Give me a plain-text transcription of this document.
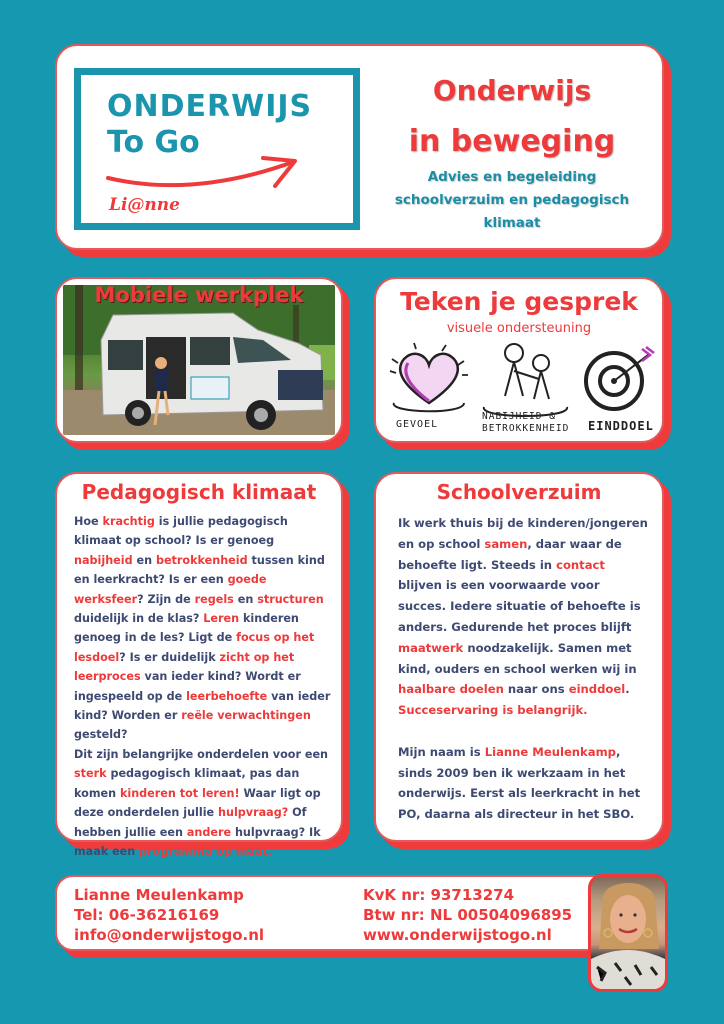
ONDERWIJS
To Go
Li@nne
Onderwijs
in beweging
Advies en begeleiding
schoolverzuim en pedagogisch
klimaat
Mobiele werkplek	Teken je gesprek
visuele ondersteuning
GEVOEL
NABIJHEID &
BETROKKENHEID EINDDOEL
Pedagogisch klimaat
Hoe krachtig is jullie pedagogisch klimaat op school? Is er genoeg nabijheid en betrokkenheid tussen kind en leerkracht? Is er een goede werksfeer? Zijn de regels en structuren duidelijk in de klas? Leren kinderen genoeg in de les? Ligt de focus op het lesdoel? Is er duidelijk zicht op het leerproces van ieder kind? Wordt er ingespeeld op de leerbehoefte van ieder kind? Worden er reële verwachtingen gesteld?
Dit zijn belangrijke onderdelen voor een sterk pedagogisch klimaat, pas dan komen kinderen tot leren! Waar ligt op deze onderdelen jullie hulpvraag? Of hebben jullie een andere hulpvraag? Ik maak een programma op maat.
Schoolverzuim
Ik werk thuis bij de kinderen/jongeren en op school samen, daar waar de behoefte ligt. Steeds in contact blijven is een voorwaarde voor succes. Iedere situatie of behoefte is anders. Gedurende het proces blijft maatwerk noodzakelijk. Samen met kind, ouders en school werken wij in haalbare doelen naar ons einddoel. Succeservaring is belangrijk.
Mijn naam is Lianne Meulenkamp, sinds 2009 ben ik werkzaam in het onderwijs. Eerst als leerkracht in het PO, daarna als directeur in het SBO.
Lianne Meulenkamp
Tel: 06-36216169
info@onderwijstogo.nl
KvK nr: 93713274
Btw nr: NL 00504096895
www.onderwijstogo.nl
